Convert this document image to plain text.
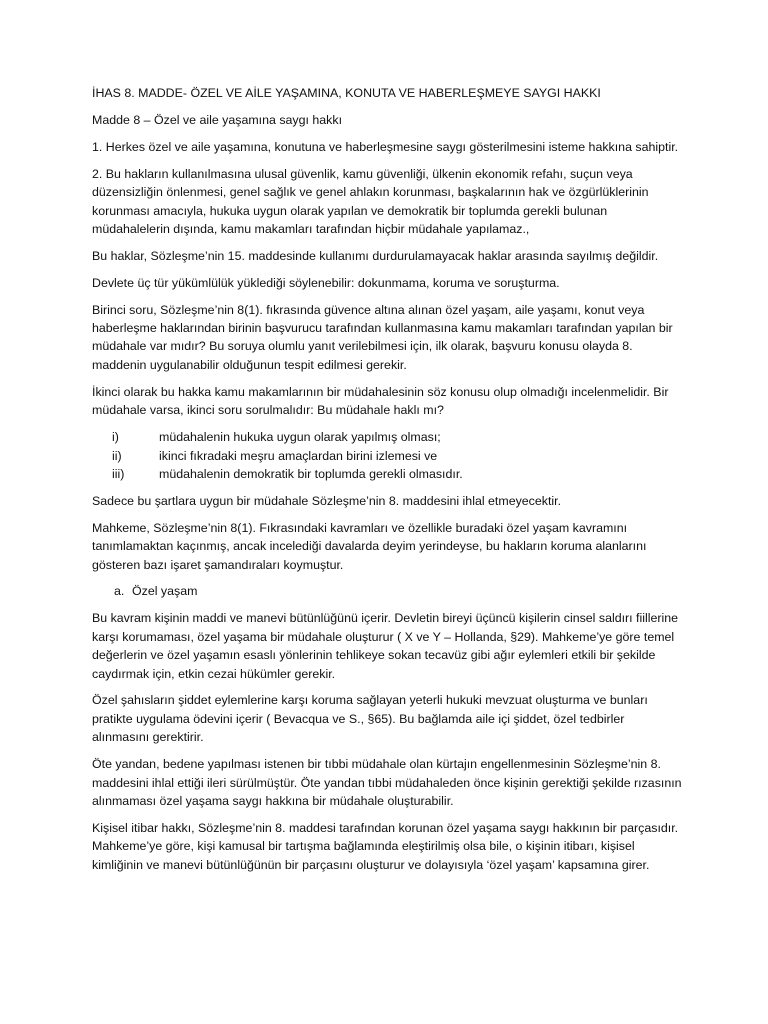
İHAS 8. MADDE- ÖZEL VE AİLE YAŞAMINA, KONUTA VE HABERLEŞMEYE SAYGI HAKKI

Madde 8 – Özel ve aile yaşamına saygı hakkı

1. Herkes özel ve aile yaşamına, konutuna ve haberleşmesine saygı gösterilmesini isteme hakkına sahiptir.

2. Bu hakların kullanılmasına ulusal güvenlik, kamu güvenliği, ülkenin ekonomik refahı, suçun veya düzensizliğin önlenmesi, genel sağlık ve genel ahlakın korunması, başkalarının hak ve özgürlüklerinin korunması amacıyla, hukuka uygun olarak yapılan ve demokratik bir toplumda gerekli bulunan müdahalelerin dışında, kamu makamları tarafından hiçbir müdahale yapılamaz.,

Bu haklar, Sözleşme’nin 15. maddesinde kullanımı durdurulamayacak haklar arasında sayılmış değildir.

Devlete üç tür yükümlülük yüklediği söylenebilir: dokunmama, koruma ve soruşturma.

Birinci soru, Sözleşme’nin 8(1). fıkrasında güvence altına alınan özel yaşam, aile yaşamı, konut veya haberleşme haklarından birinin başvurucu tarafından kullanmasına kamu makamları tarafından yapılan bir müdahale var mıdır? Bu soruya olumlu yanıt verilebilmesi için, ilk olarak, başvuru konusu olayda 8. maddenin uygulanabilir olduğunun tespit edilmesi gerekir.

İkinci olarak bu hakka kamu makamlarının bir müdahalesinin söz konusu olup olmadığı incelenmelidir. Bir müdahale varsa, ikinci soru sorulmalıdır: Bu müdahale haklı mı?

i)	müdahalenin hukuka uygun olarak yapılmış olması;
ii)	ikinci fıkradaki meşru amaçlardan birini izlemesi ve
iii)	müdahalenin demokratik bir toplumda gerekli olmasıdır.

Sadece bu şartlara uygun bir müdahale Sözleşme’nin 8. maddesini ihlal etmeyecektir.

Mahkeme, Sözleşme’nin 8(1). Fıkrasındaki kavramları ve özellikle buradaki özel yaşam kavramını tanımlamaktan kaçınmış, ancak incelediği davalarda deyim yerindeyse, bu hakların koruma alanlarını gösteren bazı işaret şamandıraları koymuştur.

a. Özel yaşam

Bu kavram kişinin maddi ve manevi bütünlüğünü içerir. Devletin bireyi üçüncü kişilerin cinsel saldırı fiillerine karşı korumaması, özel yaşama bir müdahale oluşturur ( X ve Y – Hollanda, §29). Mahkeme’ye göre temel değerlerin ve özel yaşamın esaslı yönlerinin tehlikeye sokan tecavüz gibi ağır eylemleri etkili bir şekilde caydırmak için, etkin cezai hükümler gerekir.

Özel şahısların şiddet eylemlerine karşı koruma sağlayan yeterli hukuki mevzuat oluşturma ve bunları pratikte uygulama ödevini içerir ( Bevacqua ve S., §65). Bu bağlamda aile içi şiddet, özel tedbirler alınmasını gerektirir.

Öte yandan, bedene yapılması istenen bir tıbbi müdahale olan kürtajın engellenmesinin Sözleşme’nin 8. maddesini ihlal ettiği ileri sürülmüştür. Öte yandan tıbbi müdahaleden önce kişinin gerektiği şekilde rızasının alınmaması özel yaşama saygı hakkına bir müdahale oluşturabilir.

Kişisel itibar hakkı, Sözleşme’nin 8. maddesi tarafından korunan özel yaşama saygı hakkının bir parçasıdır. Mahkeme’ye göre, kişi kamusal bir tartışma bağlamında eleştirilmiş olsa bile, o kişinin itibarı, kişisel kimliğinin ve manevi bütünlüğünün bir parçasını oluşturur ve dolayısıyla ‘özel yaşam’ kapsamına girer.
